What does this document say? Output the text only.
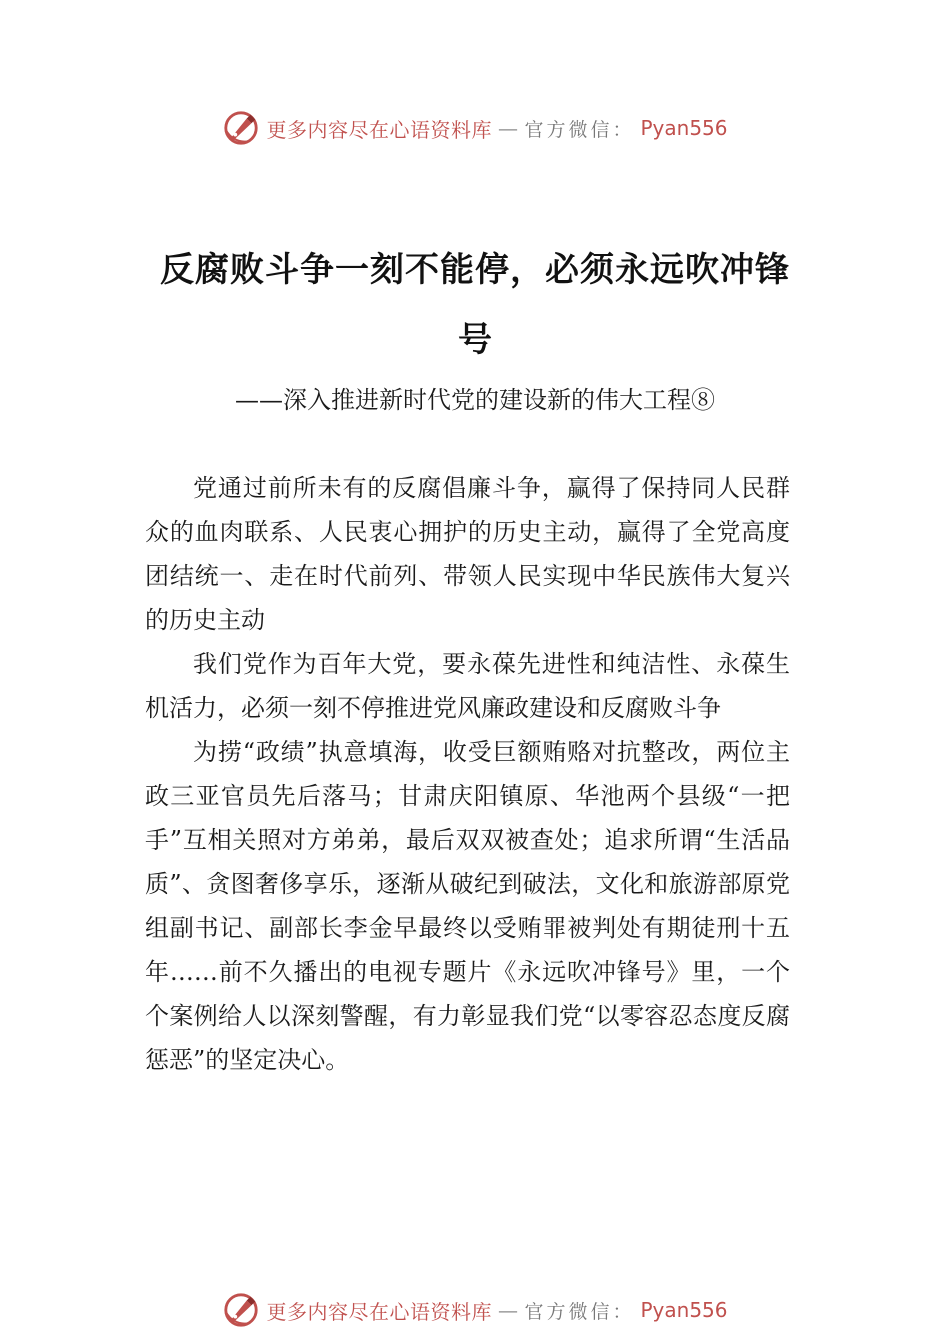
更多内容尽在心语资料库 — 官方微信： Pyan556
反腐败斗争一刻不能停，必须永远吹冲锋
号
——深入推进新时代党的建设新的伟大工程⑧

党通过前所未有的反腐倡廉斗争，赢得了保持同人民群众的血肉联系、人民衷心拥护的历史主动，赢得了全党高度团结统一、走在时代前列、带领人民实现中华民族伟大复兴的历史主动

我们党作为百年大党，要永葆先进性和纯洁性、永葆生机活力，必须一刻不停推进党风廉政建设和反腐败斗争

为捞“政绩”执意填海，收受巨额贿赂对抗整改，两位主政三亚官员先后落马；甘肃庆阳镇原、华池两个县级“一把手”互相关照对方弟弟，最后双双被查处；追求所谓“生活品质”、贪图奢侈享乐，逐渐从破纪到破法，文化和旅游部原党组副书记、副部长李金早最终以受贿罪被判处有期徒刑十五年……前不久播出的电视专题片《永远吹冲锋号》里，一个个案例给人以深刻警醒，有力彰显我们党“以零容忍态度反腐惩恶”的坚定决心。

更多内容尽在心语资料库 — 官方微信： Pyan556
